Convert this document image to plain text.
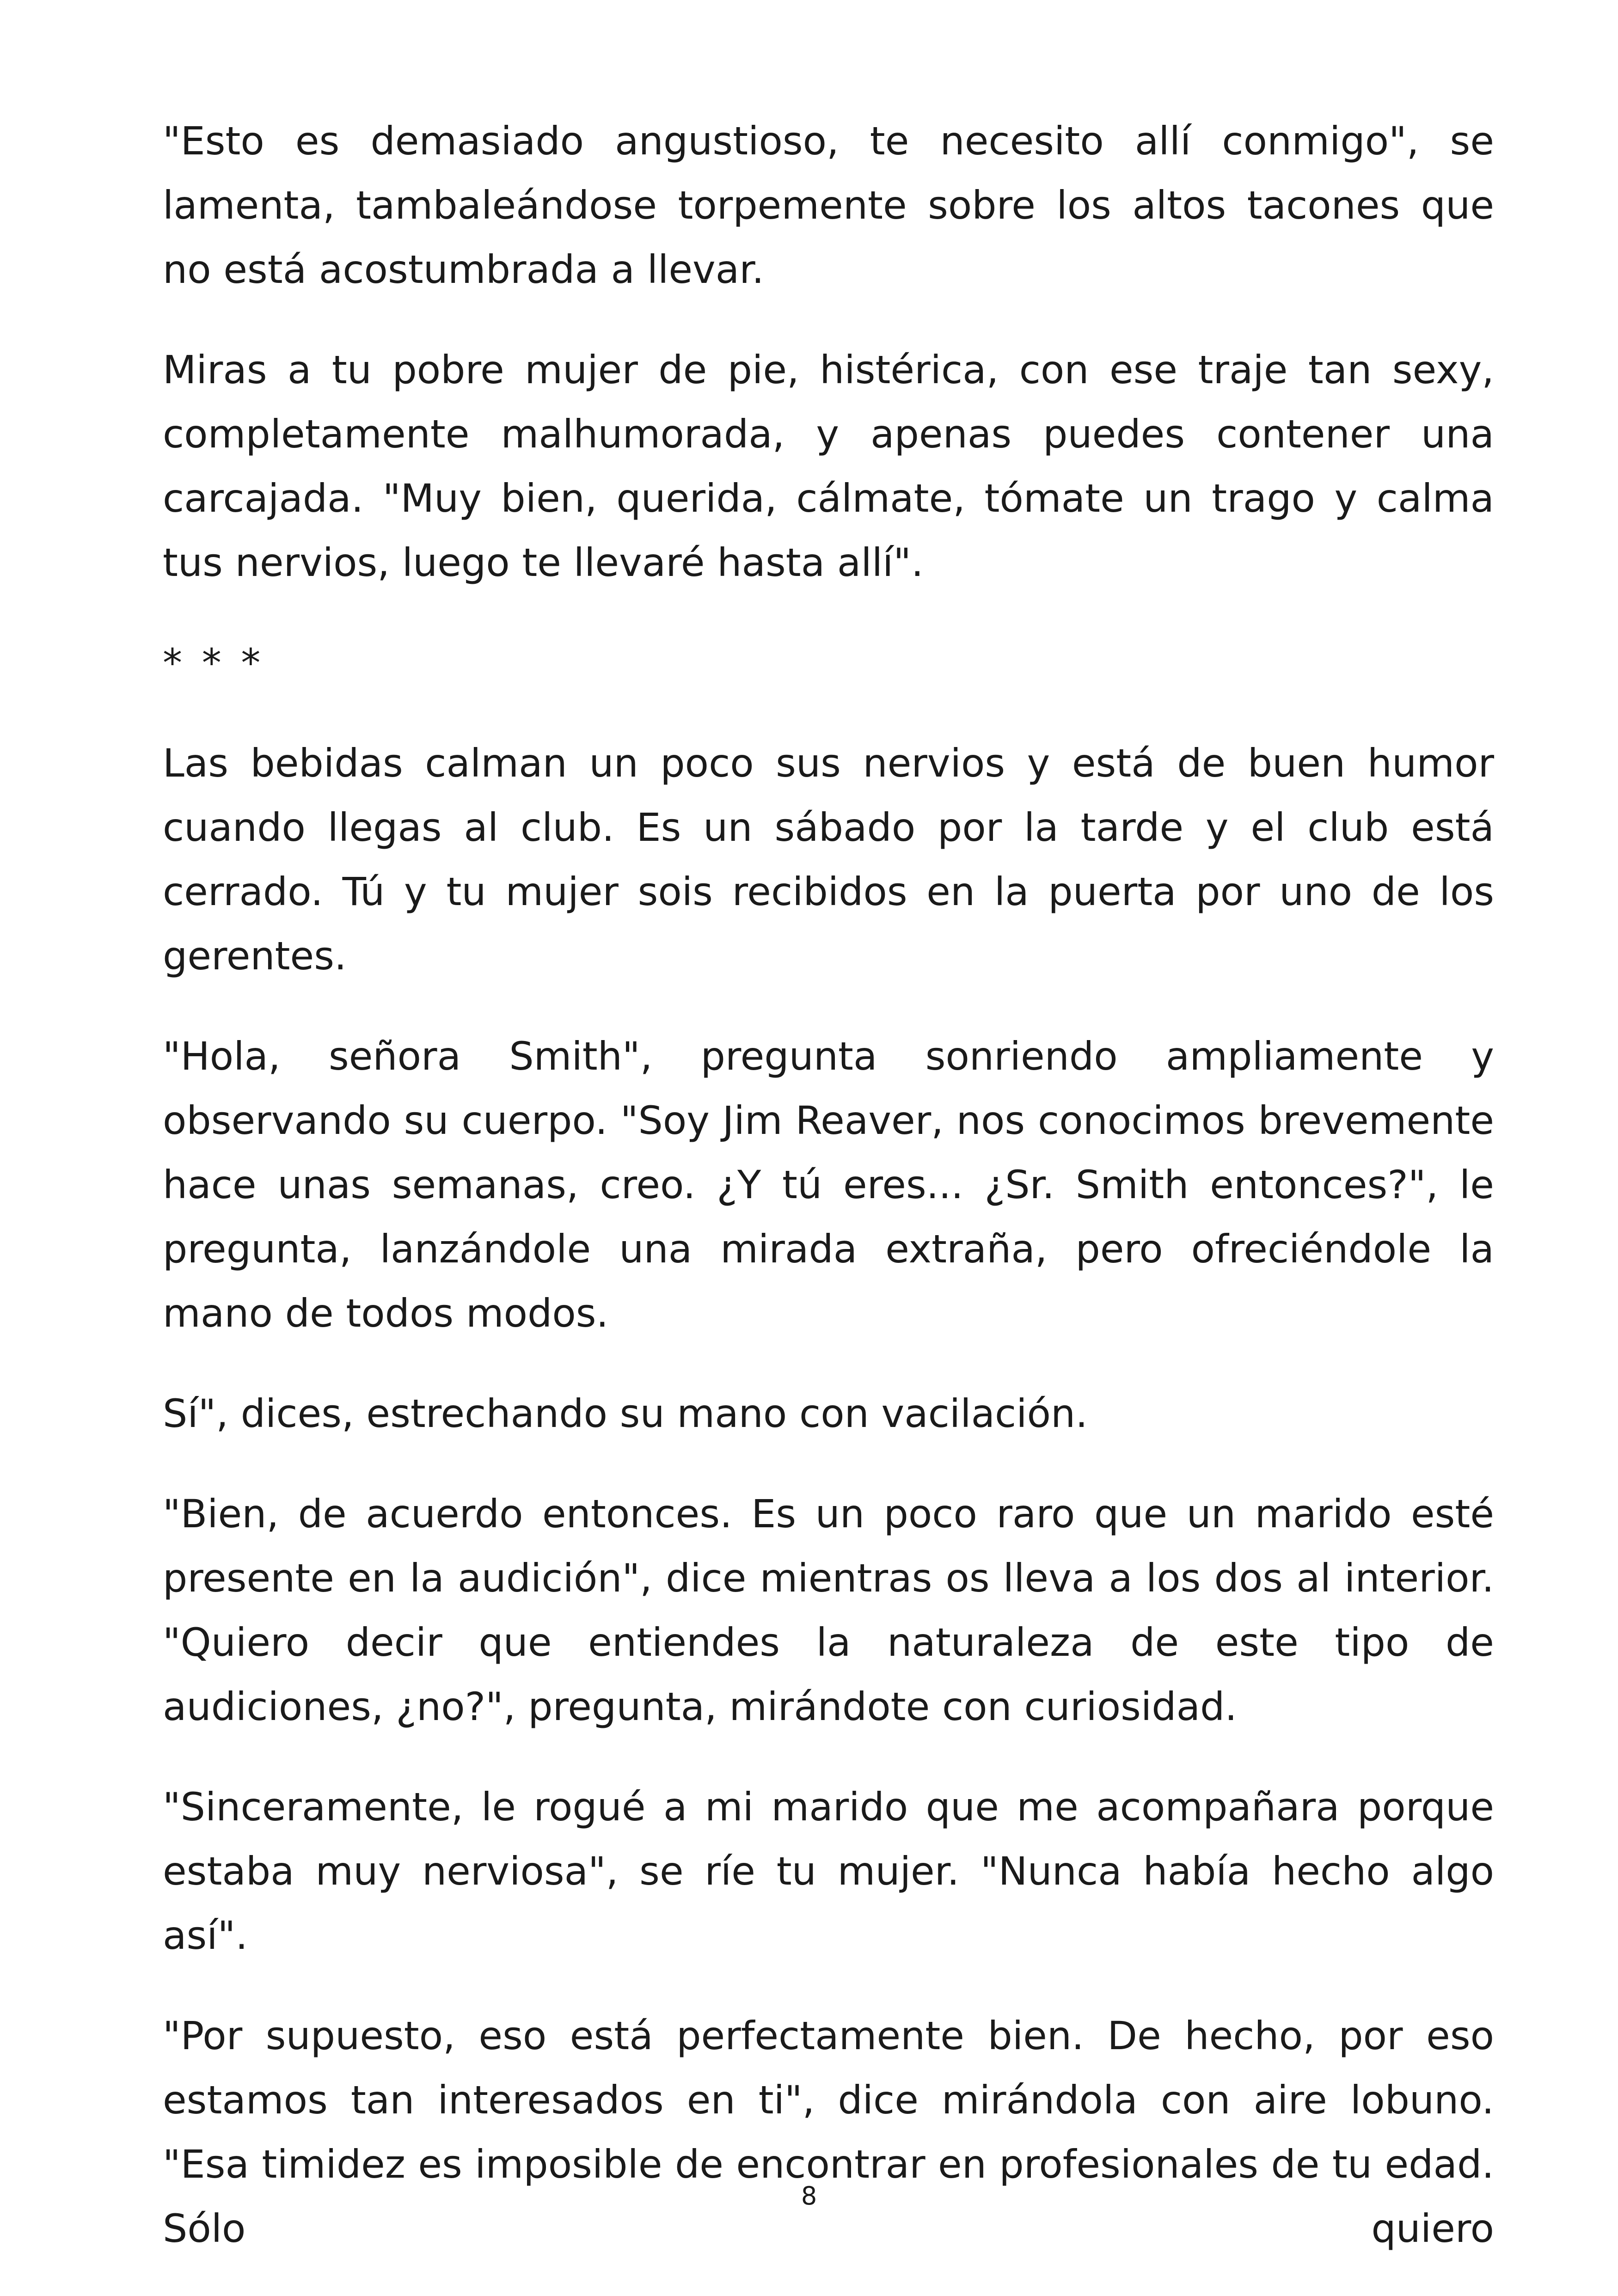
"Esto es demasiado angustioso, te necesito allí conmigo", se lamenta, tambaleándose torpemente sobre los altos tacones que no está acostumbrada a llevar.

Miras a tu pobre mujer de pie, histérica, con ese traje tan sexy, completamente malhumorada, y apenas puedes contener una carcajada. "Muy bien, querida, cálmate, tómate un trago y calma tus nervios, luego te llevaré hasta allí".

* * *

Las bebidas calman un poco sus nervios y está de buen humor cuando llegas al club. Es un sábado por la tarde y el club está cerrado. Tú y tu mujer sois recibidos en la puerta por uno de los gerentes.

"Hola, señora Smith", pregunta sonriendo ampliamente y observando su cuerpo. "Soy Jim Reaver, nos conocimos brevemente hace unas semanas, creo. ¿Y tú eres... ¿Sr. Smith entonces?", le pregunta, lanzándole una mirada extraña, pero ofreciéndole la mano de todos modos.

Sí", dices, estrechando su mano con vacilación.

"Bien, de acuerdo entonces. Es un poco raro que un marido esté presente en la audición", dice mientras os lleva a los dos al interior. "Quiero decir que entiendes la naturaleza de este tipo de audiciones, ¿no?", pregunta, mirándote con curiosidad.

"Sinceramente, le rogué a mi marido que me acompañara porque estaba muy nerviosa", se ríe tu mujer. "Nunca había hecho algo así".

"Por supuesto, eso está perfectamente bien. De hecho, por eso estamos tan interesados en ti", dice mirándola con aire lobuno. "Esa timidez es imposible de encontrar en profesionales de tu edad. Sólo quiero

8
